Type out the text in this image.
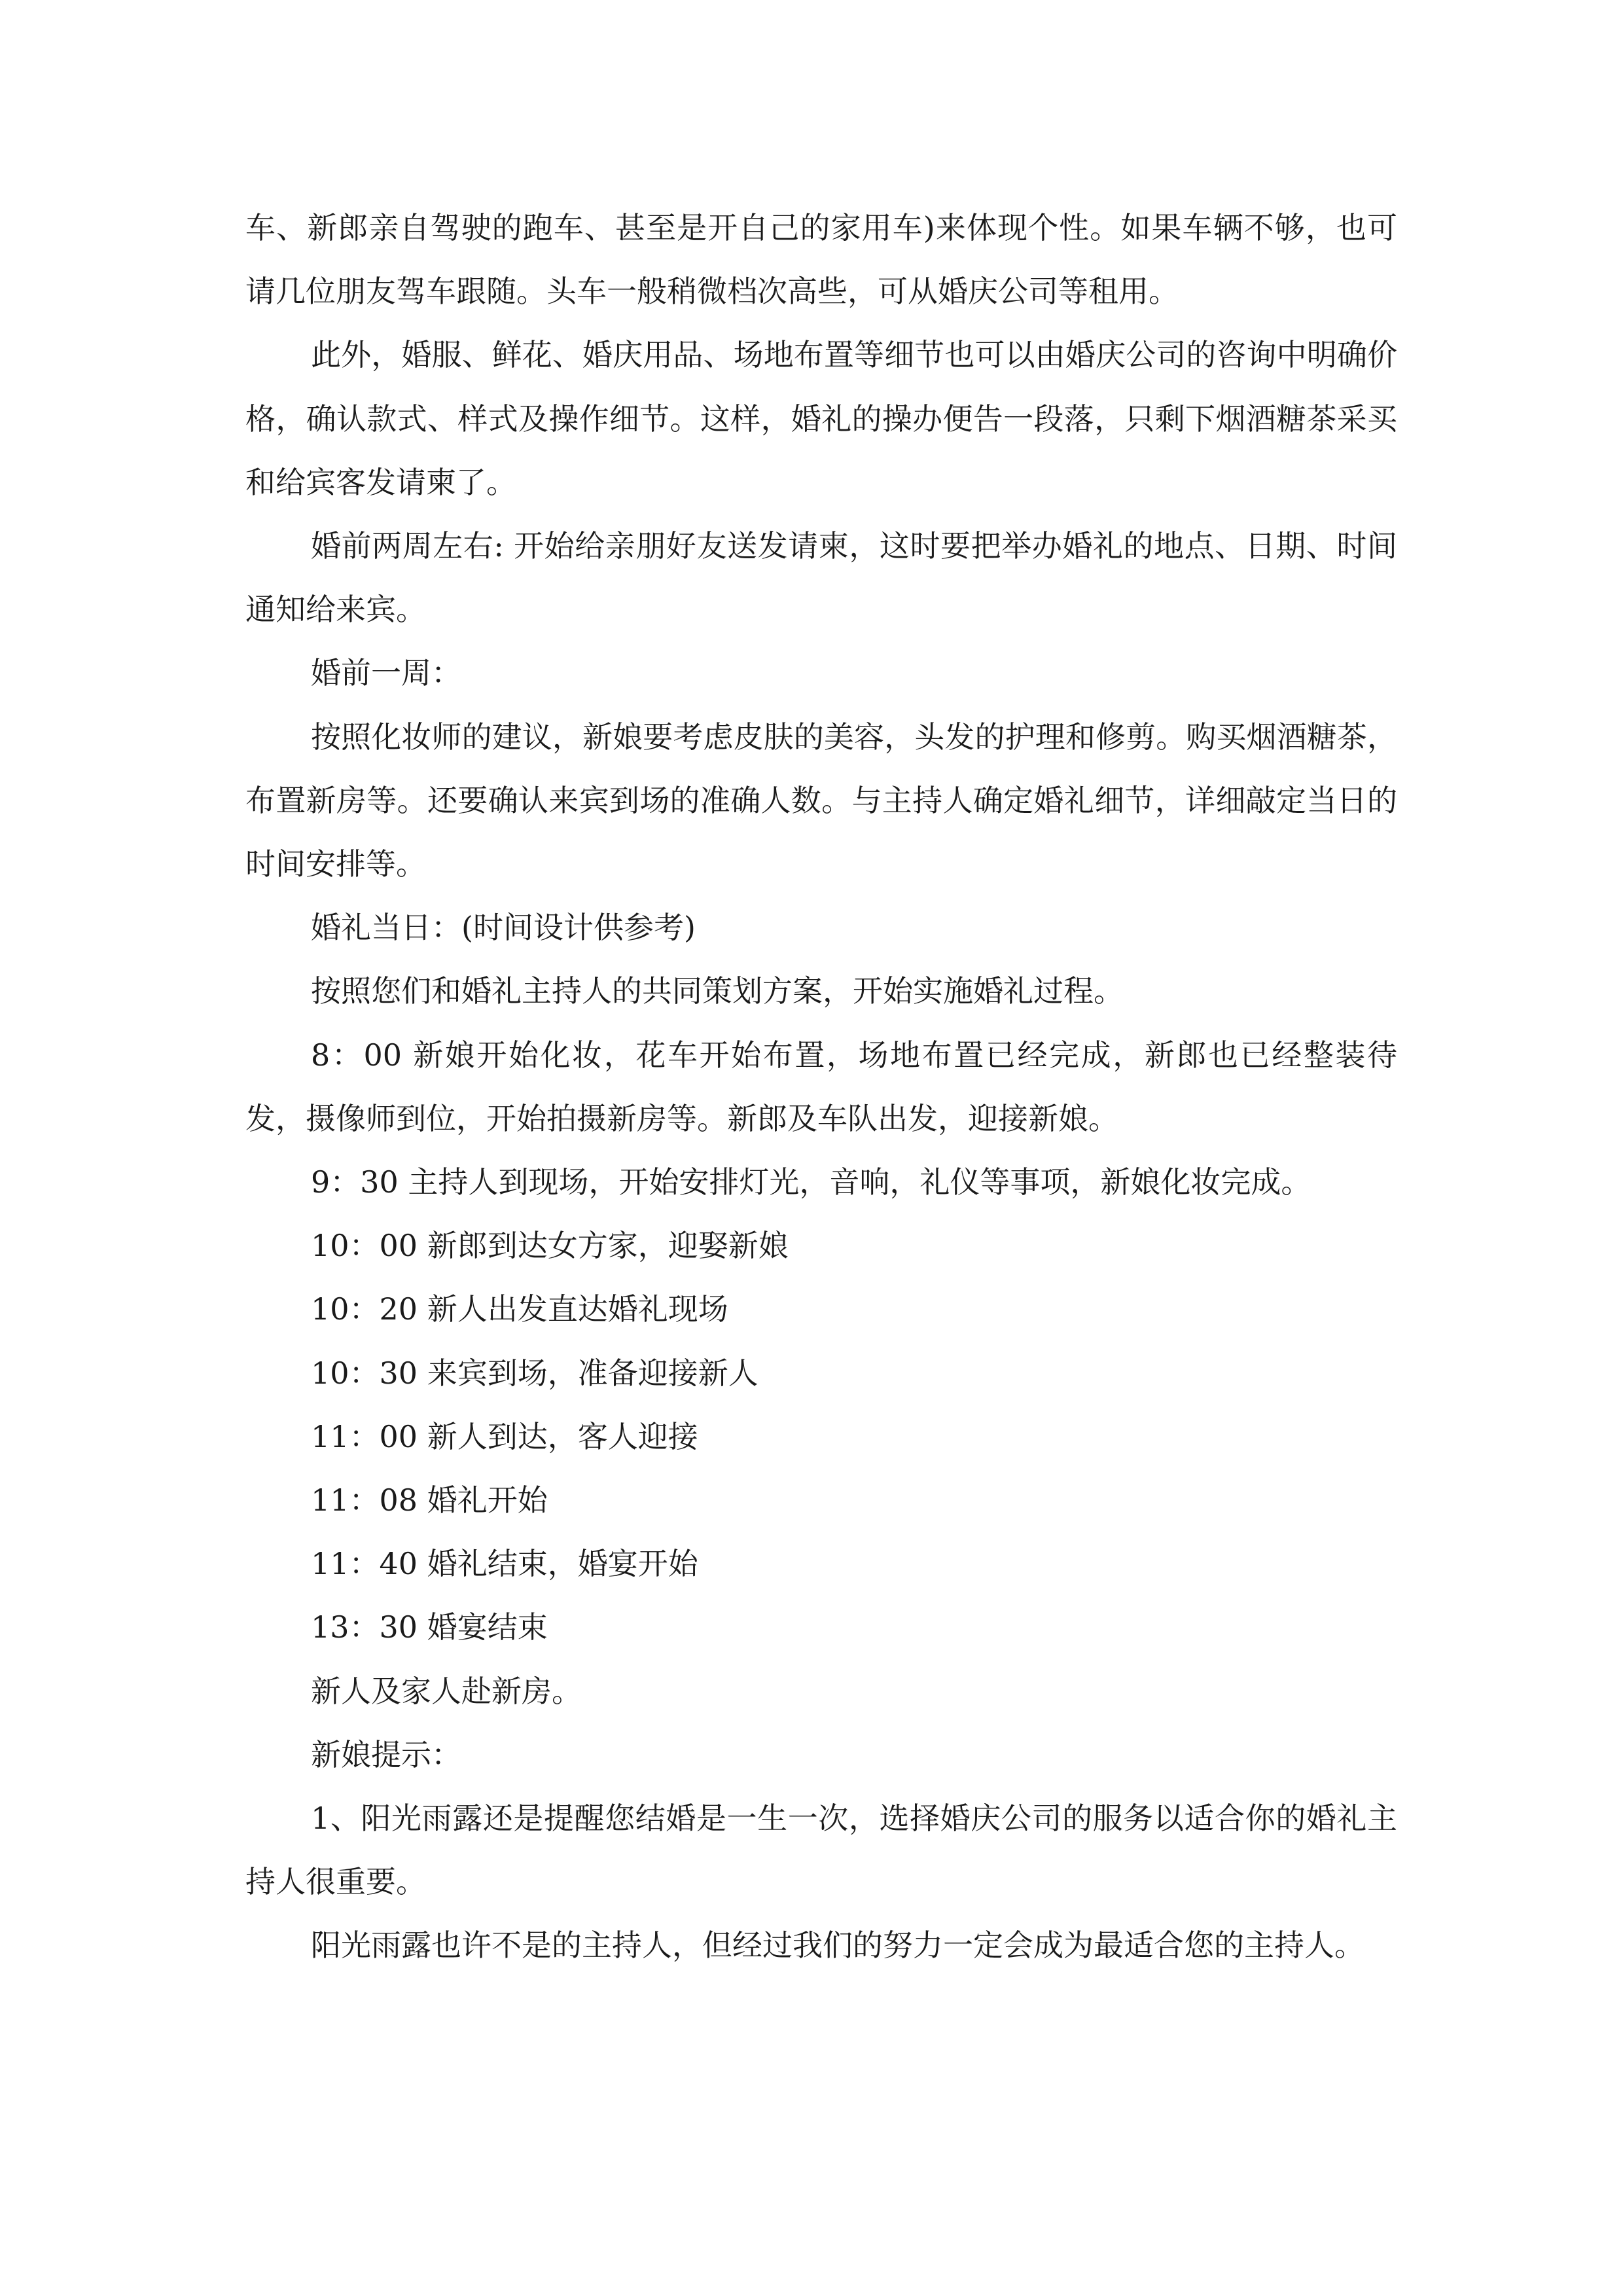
车、新郎亲自驾驶的跑车、甚至是开自己的家用车)来体现个性。如果车辆不够，也可请几位朋友驾车跟随。头车一般稍微档次高些，可从婚庆公司等租用。

此外，婚服、鲜花、婚庆用品、场地布置等细节也可以由婚庆公司的咨询中明确价格，确认款式、样式及操作细节。这样，婚礼的操办便告一段落，只剩下烟酒糖茶采买和给宾客发请柬了。

婚前两周左右: 开始给亲朋好友送发请柬，这时要把举办婚礼的地点、日期、时间通知给来宾。

婚前一周：

按照化妆师的建议，新娘要考虑皮肤的美容，头发的护理和修剪。购买烟酒糖茶，布置新房等。还要确认来宾到场的准确人数。与主持人确定婚礼细节，详细敲定当日的时间安排等。

婚礼当日：(时间设计供参考)

按照您们和婚礼主持人的共同策划方案，开始实施婚礼过程。

8：00 新娘开始化妆，花车开始布置，场地布置已经完成，新郎也已经整装待发，摄像师到位，开始拍摄新房等。新郎及车队出发，迎接新娘。

9：30 主持人到现场，开始安排灯光，音响，礼仪等事项，新娘化妆完成。

10：00 新郎到达女方家，迎娶新娘

10：20 新人出发直达婚礼现场

10：30 来宾到场，准备迎接新人

11：00 新人到达，客人迎接

11：08 婚礼开始

11：40 婚礼结束，婚宴开始

13：30 婚宴结束

新人及家人赴新房。

新娘提示：

1、阳光雨露还是提醒您结婚是一生一次，选择婚庆公司的服务以适合你的婚礼主持人很重要。

阳光雨露也许不是的主持人，但经过我们的努力一定会成为最适合您的主持人。
